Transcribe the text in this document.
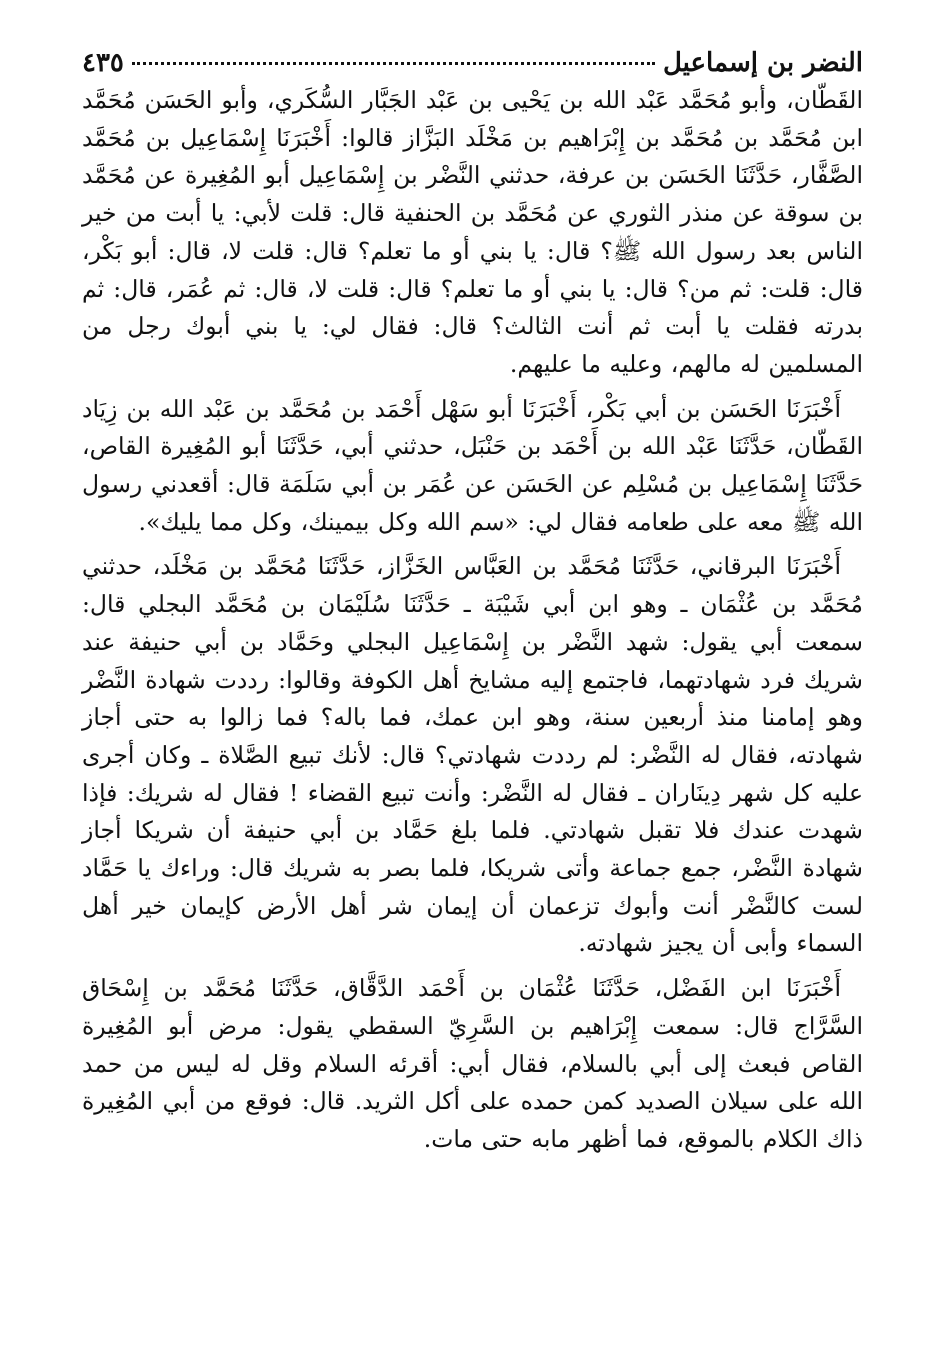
النضر بن إسماعيل
٤٣٥

القَطّان، وأبو مُحَمَّد عَبْد الله بن يَحْيى بن عَبْد الجَبَّار السُّكَري، وأبو الحَسَن مُحَمَّد ابن مُحَمَّد بن مُحَمَّد بن إِبْرَاهيم بن مَخْلَد البَزَّاز قالوا: أَخْبَرَنَا إِسْمَاعِيل بن مُحَمَّد الصَّفَّار، حَدَّثَنَا الحَسَن بن عرفة، حدثني النَّضْر بن إِسْمَاعِيل أبو المُغِيرة عن مُحَمَّد بن سوقة عن منذر الثوري عن مُحَمَّد بن الحنفية قال: قلت لأبي: يا أبت من خير الناس بعد رسول الله ﷺ؟ قال: يا بني أو ما تعلم؟ قال: قلت لا، قال: أبو بَكْر، قال: قلت: ثم من؟ قال: يا بني أو ما تعلم؟ قال: قلت لا، قال: ثم عُمَر، قال: ثم بدرته فقلت يا أبت ثم أنت الثالث؟ قال: فقال لي: يا بني أبوك رجل من المسلمين له مالهم، وعليه ما عليهم.

أَخْبَرَنَا الحَسَن بن أبي بَكْر، أَخْبَرَنَا أبو سَهْل أَحْمَد بن مُحَمَّد بن عَبْد الله بن زِيَاد القَطّان، حَدَّثَنَا عَبْد الله بن أَحْمَد بن حَنْبَل، حدثني أبي، حَدَّثَنَا أبو المُغِيرة القاص، حَدَّثَنَا إِسْمَاعِيل بن مُسْلِم عن الحَسَن عن عُمَر بن أبي سَلَمَة قال: أقعدني رسول الله ﷺ معه على طعامه فقال لي: «سم الله وكل بيمينك، وكل مما يليك».

أَخْبَرَنَا البرقاني، حَدَّثَنَا مُحَمَّد بن العَبَّاس الخَزَّاز، حَدَّثَنَا مُحَمَّد بن مَخْلَد، حدثني مُحَمَّد بن عُثْمَان ـ وهو ابن أبي شَيْبَة ـ حَدَّثَنَا سُلَيْمَان بن مُحَمَّد البجلي قال: سمعت أبي يقول: شهد النَّضْر بن إِسْمَاعِيل البجلي وحَمَّاد بن أبي حنيفة عند شريك فرد شهادتهما، فاجتمع إليه مشايخ أهل الكوفة وقالوا: رددت شهادة النَّضْر وهو إمامنا منذ أربعين سنة، وهو ابن عمك، فما باله؟ فما زالوا به حتى أجاز شهادته، فقال له النَّضْر: لم رددت شهادتي؟ قال: لأنك تبيع الصَّلاة ـ وكان أجرى عليه كل شهر دِينَاران ـ فقال له النَّضْر: وأنت تبيع القضاء ! فقال له شريك: فإذا شهدت عندك فلا تقبل شهادتي. فلما بلغ حَمَّاد بن أبي حنيفة أن شريكا أجاز شهادة النَّضْر، جمع جماعة وأتى شريكا، فلما بصر به شريك قال: وراءك يا حَمَّاد لست كالنَّضْر أنت وأبوك تزعمان أن إيمان شر أهل الأرض كإيمان خير أهل السماء وأبى أن يجيز شهادته.

أَخْبَرَنَا ابن الفَضْل، حَدَّثَنَا عُثْمَان بن أَحْمَد الدَّقَّاق، حَدَّثَنَا مُحَمَّد بن إِسْحَاق السَّرَّاج قال: سمعت إِبْرَاهيم بن السَّرِيّ السقطي يقول: مرض أبو المُغِيرة القاص فبعث إلى أبي بالسلام، فقال أبي: أقرئه السلام وقل له ليس من حمد الله على سيلان الصديد كمن حمده على أكل الثريد. قال: فوقع من أبي المُغِيرة ذاك الكلام بالموقع، فما أظهر مابه حتى مات.
